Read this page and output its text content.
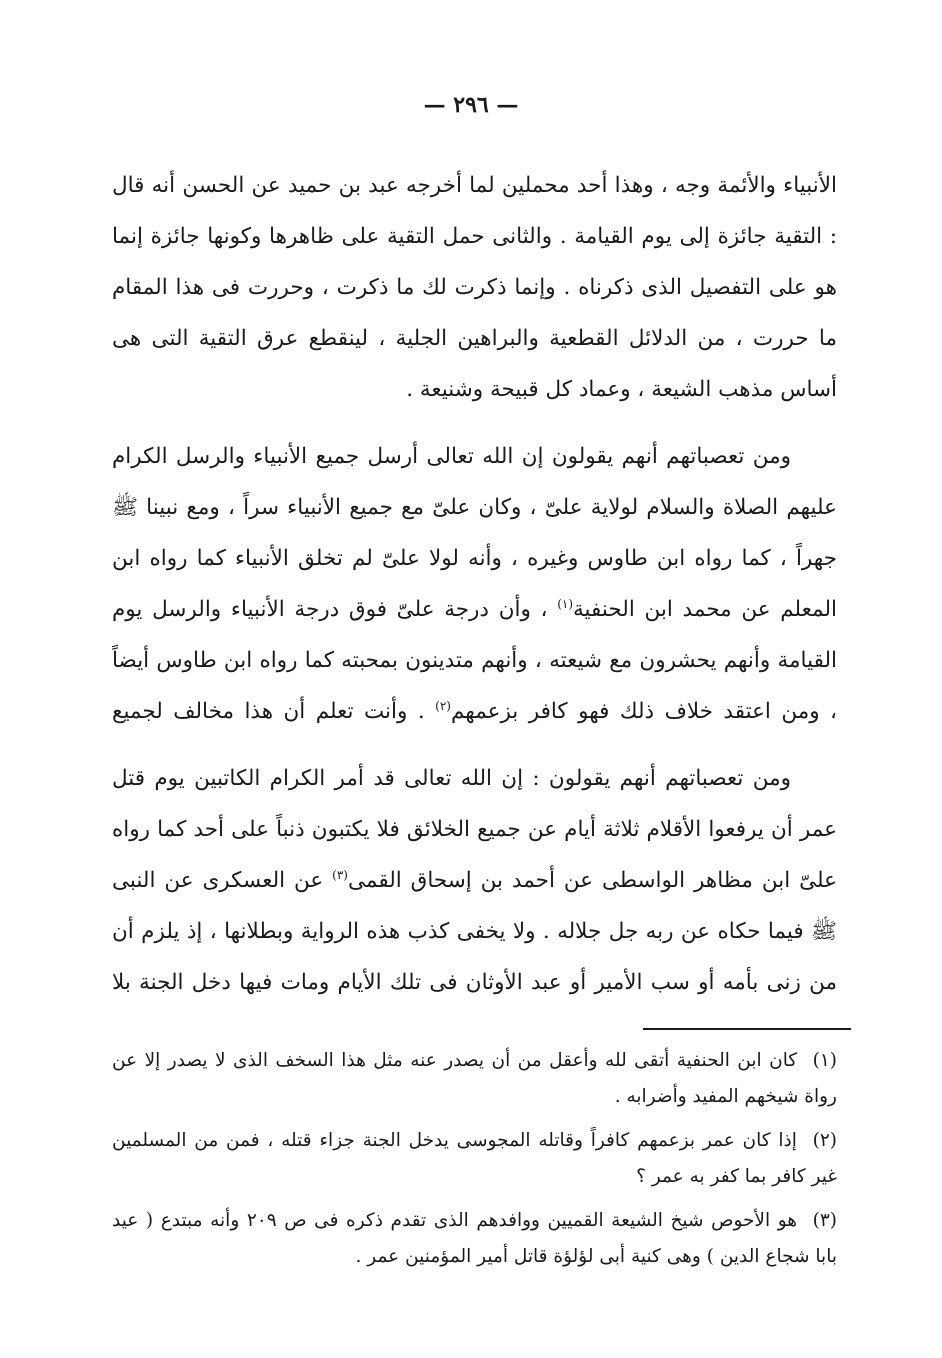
— ٢٩٦ —

الأنبياء والأئمة وجه ، وهذا أحد محملين لما أخرجه عبد بن حميد عن الحسن أنه قال : التقية جائزة إلى يوم القيامة . والثانى حمل التقية على ظاهرها وكونها جائزة إنما هو على التفصيل الذى ذكرناه . وإنما ذكرت لك ما ذكرت ، وحررت فى هذا المقام ما حررت ، من الدلائل القطعية والبراهين الجلية ، لينقطع عرق التقية التى هى أساس مذهب الشيعة ، وعماد كل قبيحة وشنيعة .

ومن تعصباتهم أنهم يقولون إن الله تعالى أرسل جميع الأنبياء والرسل الكرام عليهم الصلاة والسلام لولاية علىّ ، وكان علىّ مع جميع الأنبياء سراً ، ومع نبينا ﷺ جهراً ، كما رواه ابن طاوس وغيره ، وأنه لولا علىّ لم تخلق الأنبياء كما رواه ابن المعلم عن محمد ابن الحنفية$^{(١)}$ ، وأن درجة علىّ فوق درجة الأنبياء والرسل يوم القيامة وأنهم يحشرون مع شيعته ، وأنهم متدينون بمحبته كما رواه ابن طاوس أيضاً ، ومن اعتقد خلاف ذلك فهو كافر بزعمهم$^{(٢)}$ . وأنت تعلم أن هذا مخالف لجميع

ومن تعصباتهم أنهم يقولون : إن الله تعالى قد أمر الكرام الكاتبين يوم قتل عمر أن يرفعوا الأقلام ثلاثة أيام عن جميع الخلائق فلا يكتبون ذنباً على أحد كما رواه علىّ ابن مظاهر الواسطى عن أحمد بن إسحاق القمى$^{(٣)}$ عن العسكرى عن النبى ﷺ فيما حكاه عن ربه جل جلاله . ولا يخفى كذب هذه الرواية وبطلانها ، إذ يلزم أن من زنى بأمه أو سب الأمير أو عبد الأوثان فى تلك الأيام ومات فيها دخل الجنة بلا

(١) كان ابن الحنفية أتقى لله وأعقل من أن يصدر عنه مثل هذا السخف الذى لا يصدر إلا عن رواة شيخهم المفيد وأضرابه .

(٢) إذا كان عمر بزعمهم كافراً وقاتله المجوسى يدخل الجنة جزاء قتله ، فمن من المسلمين غير كافر بما كفر به عمر ؟

(٣) هو الأحوص شيخ الشيعة القميين ووافدهم الذى تقدم ذكره فى ص ٢٠٩ وأنه مبتدع ( عيد بابا شجاع الدين ) وهى كنية أبى لؤلؤة قاتل أمير المؤمنين عمر .
